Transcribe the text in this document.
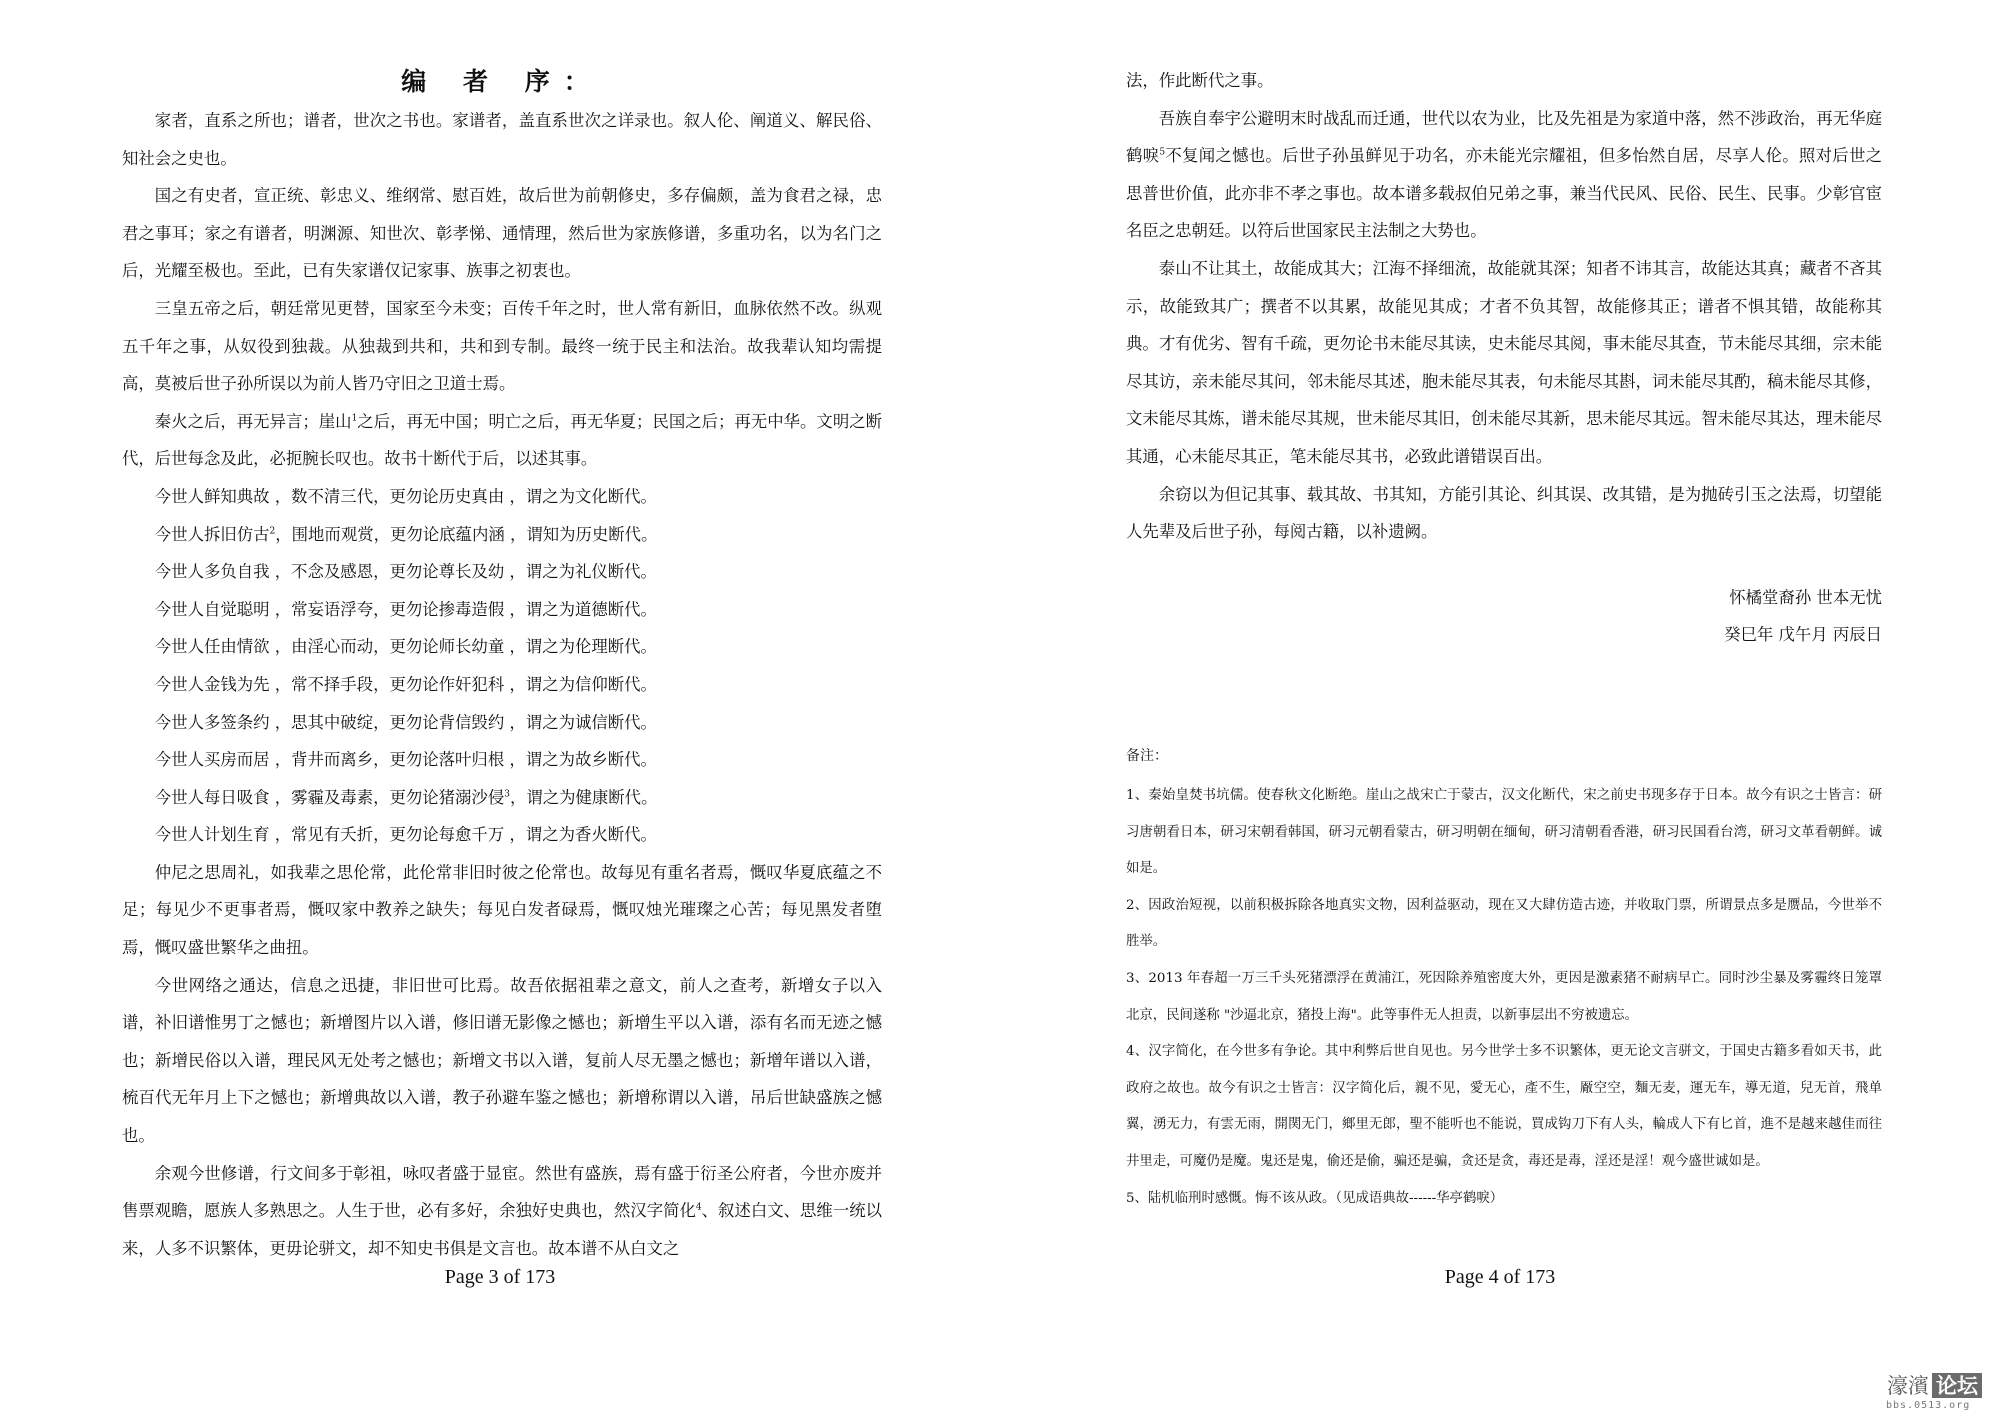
编 者 序：

家者，直系之所也；谱者，世次之书也。家谱者，盖直系世次之详录也。叙人伦、阐道义、解民俗、知社会之史也。

国之有史者，宣正统、彰忠义、维纲常、慰百姓，故后世为前朝修史，多存偏颇，盖为食君之禄，忠君之事耳；家之有谱者，明渊源、知世次、彰孝悌、通情理，然后世为家族修谱，多重功名，以为名门之后，光耀至极也。至此，已有失家谱仅记家事、族事之初衷也。

三皇五帝之后，朝廷常见更替，国家至今未变；百传千年之时，世人常有新旧，血脉依然不改。纵观五千年之事，从奴役到独裁。从独裁到共和，共和到专制。最终一统于民主和法治。故我辈认知均需提高，莫被后世子孙所误以为前人皆乃守旧之卫道士焉。

秦火之后，再无异言；崖山$^1$之后，再无中国；明亡之后，再无华夏；民国之后；再无中华。文明之断代，后世每念及此，必扼腕长叹也。故书十断代于后，以述其事。

今世人鲜知典故 ，数不清三代，更勿论历史真由 ，谓之为文化断代。

今世人拆旧仿古$^2$，围地而观赏，更勿论底蕴内涵 ，谓知为历史断代。

今世人多负自我 ，不念及感恩，更勿论尊长及幼 ，谓之为礼仪断代。

今世人自觉聪明 ，常妄语浮夸，更勿论掺毒造假 ，谓之为道德断代。

今世人任由情欲 ，由淫心而动，更勿论师长幼童 ，谓之为伦理断代。

今世人金钱为先 ，常不择手段，更勿论作奸犯科 ，谓之为信仰断代。

今世人多签条约 ，思其中破绽，更勿论背信毁约 ，谓之为诚信断代。

今世人买房而居 ，背井而离乡，更勿论落叶归根 ，谓之为故乡断代。

今世人每日吸食 ，雾霾及毒素，更勿论猪溺沙侵$^3$，谓之为健康断代。

今世人计划生育 ，常见有夭折，更勿论每愈千万 ，谓之为香火断代。

仲尼之思周礼，如我辈之思伦常，此伦常非旧时彼之伦常也。故每见有重名者焉，慨叹华夏底蕴之不足；每见少不更事者焉，慨叹家中教养之缺失；每见白发者碌焉，慨叹烛光璀璨之心苦；每见黑发者堕焉，慨叹盛世繁华之曲扭。

今世网络之通达，信息之迅捷，非旧世可比焉。故吾依据祖辈之意文，前人之查考，新增女子以入谱，补旧谱惟男丁之憾也；新增图片以入谱，修旧谱无影像之憾也；新增生平以入谱，添有名而无迹之憾也；新增民俗以入谱，理民风无处考之憾也；新增文书以入谱，复前人尽无墨之憾也；新增年谱以入谱，梳百代无年月上下之憾也；新增典故以入谱，教子孙避车鉴之憾也；新增称谓以入谱，吊后世缺盛族之憾也。

余观今世修谱，行文间多于彰祖，咏叹者盛于显宦。然世有盛族，焉有盛于衍圣公府者，今世亦废并售票观瞻，愿族人多熟思之。人生于世，必有多好，余独好史典也，然汉字简化$^4$、叙述白文、思维一统以来，人多不识繁体，更毋论骈文，却不知史书俱是文言也。故本谱不从白文之

Page 3 of 173

法，作此断代之事。

吾族自奉宇公避明末时战乱而迁通，世代以农为业，比及先祖是为家道中落，然不涉政治，再无华庭鹤唳$^5$不复闻之憾也。后世子孙虽鲜见于功名，亦未能光宗耀祖，但多怡然自居，尽享人伦。照对后世之思普世价值，此亦非不孝之事也。故本谱多载叔伯兄弟之事，兼当代民风、民俗、民生、民事。少彰官宦名臣之忠朝廷。以符后世国家民主法制之大势也。

泰山不让其土，故能成其大；江海不择细流，故能就其深；知者不讳其言，故能达其真；藏者不吝其示，故能致其广；撰者不以其累，故能见其成；才者不负其智，故能修其正；谱者不惧其错，故能称其典。才有优劣、智有千疏，更勿论书未能尽其读，史未能尽其阅，事未能尽其查，节未能尽其细，宗未能尽其访，亲未能尽其问，邻未能尽其述，胞未能尽其表，句未能尽其斟，词未能尽其酌，稿未能尽其修，文未能尽其炼，谱未能尽其规，世未能尽其旧，创未能尽其新，思未能尽其远。智未能尽其达，理未能尽其通，心未能尽其正，笔未能尽其书，必致此谱错误百出。

余窃以为但记其事、载其故、书其知，方能引其论、纠其误、改其错，是为抛砖引玉之法焉，切望能人先辈及后世子孙，每阅古籍，以补遗阙。

怀橘堂裔孙 世本无忧
癸巳年 戊午月 丙辰日

备注：

1、秦始皇焚书坑儒。使春秋文化断绝。崖山之战宋亡于蒙古，汉文化断代，宋之前史书现多存于日本。故今有识之士皆言：研习唐朝看日本，研习宋朝看韩国，研习元朝看蒙古，研习明朝在缅甸，研习清朝看香港，研习民国看台湾，研习文革看朝鲜。诚如是。

2、因政治短视，以前积极拆除各地真实文物，因利益驱动，现在又大肆仿造古迹，并收取门票，所谓景点多是赝品，今世举不胜举。

3、2013 年春超一万三千头死猪漂浮在黄浦江，死因除养殖密度大外，更因是激素猪不耐病早亡。同时沙尘暴及雾霾终日笼罩北京，民间遂称 "沙逼北京，猪投上海"。此等事件无人担责，以新事层出不穷被遗忘。

4、汉字简化，在今世多有争论。其中利弊后世自见也。另今世学士多不识繁体，更无论文言骈文，于国史古籍多看如天书，此政府之故也。故今有识之士皆言：汉字简化后，親不见，愛无心，產不生，厰空空，麵无麦，運无车，導无道，兒无首，飛单翼，湧无力，有雲无雨，開関无门，鄉里无郎，聖不能听也不能说，買成钩刀下有人头，輪成人下有匕首，進不是越来越佳而往井里走，可魔仍是魔。鬼还是鬼，偷还是偷，骗还是骗，贪还是贪，毒还是毒，淫还是淫！观今盛世诚如是。

5、陆机临刑时感慨。悔不该从政。（见成语典故------华亭鹤唳）

Page 4 of 173
濠濱 论坛
bbs.0513.org
